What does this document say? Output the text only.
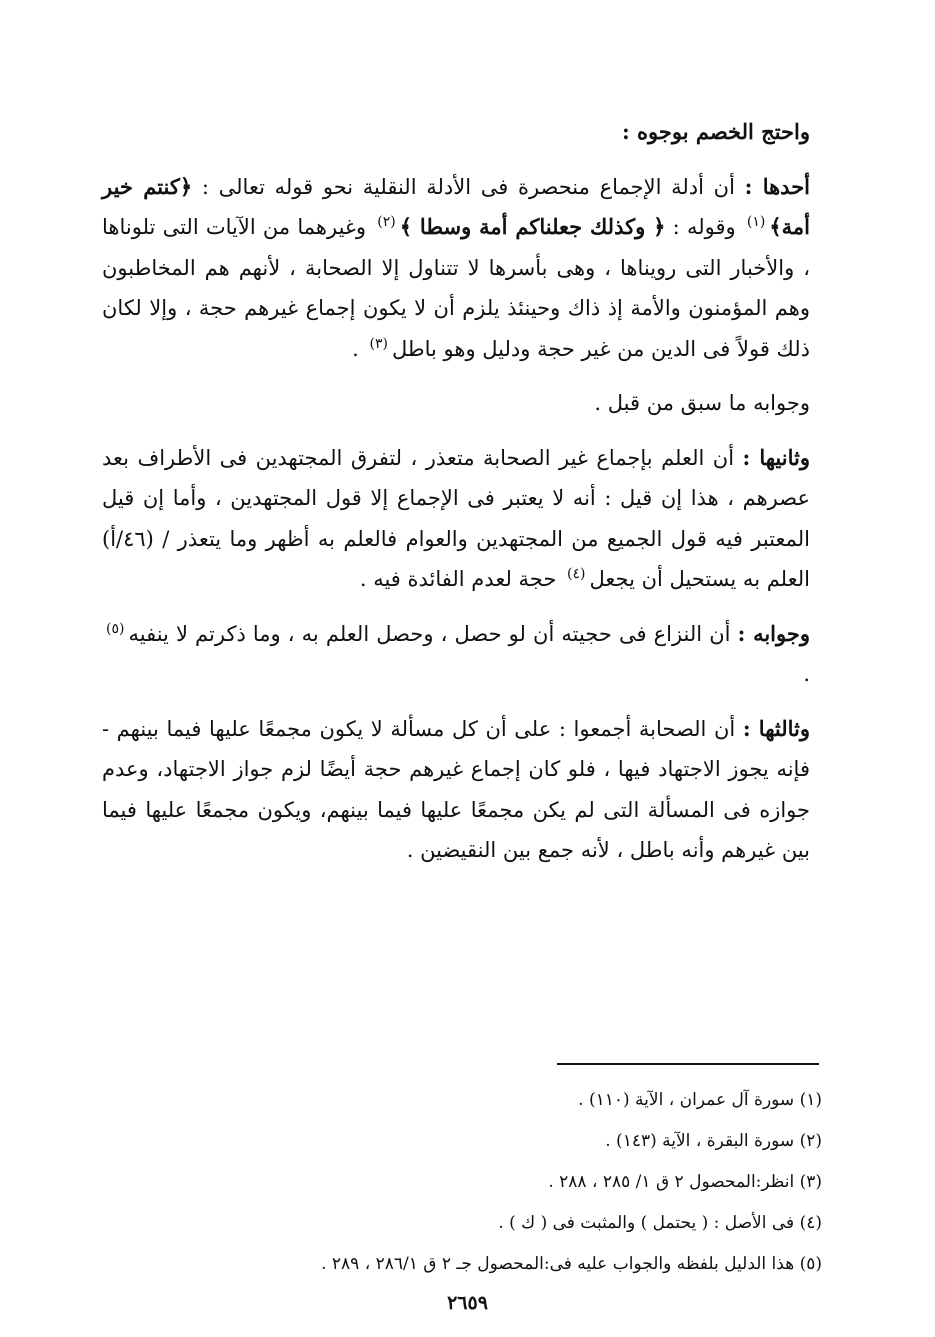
واحتج الخصم بوجوه :

أحدها : أن أدلة الإجماع منحصرة فى الأدلة النقلية نحو قوله تعالى : ﴿كنتم خير أمة﴾$^{(١)}$ وقوله : ﴿ وكذلك جعلناكم أمة وسطا ﴾$^{(٢)}$ وغيرهما من الآيات التى تلوناها ، والأخبار التى رويناها ، وهى بأسرها لا تتناول إلا الصحابة ، لأنهم هم المخاطبون وهم المؤمنون والأمة إذ ذاك وحينئذ يلزم أن لا يكون إجماع غيرهم حجة ، وإلا لكان ذلك قولاً فى الدين من غير حجة ودليل وهو باطل$^{(٣)}$ .

وجوابه ما سبق من قبل .

وثانيها : أن العلم بإجماع غير الصحابة متعذر ، لتفرق المجتهدين فى الأطراف بعد عصرهم ، هذا إن قيل : أنه لا يعتبر فى الإجماع إلا قول المجتهدين ، وأما إن قيل المعتبر فيه قول الجميع من المجتهدين والعوام فالعلم به أظهر وما يتعذر / (٤٦/أ) العلم به يستحيل أن يجعل$^{(٤)}$ حجة لعدم الفائدة فيه .

وجوابه : أن النزاع فى حجيته أن لو حصل ، وحصل العلم به ، وما ذكرتم لا ينفيه$^{(٥)}$ .

وثالثها : أن الصحابة أجمعوا : على أن كل مسألة لا يكون مجمعًا عليها فيما بينهم - فإنه يجوز الاجتهاد فيها ، فلو كان إجماع غيرهم حجة أيضًا لزم جواز الاجتهاد، وعدم جوازه فى المسألة التى لم يكن مجمعًا عليها فيما بينهم، ويكون مجمعًا عليها فيما بين غيرهم وأنه باطل ، لأنه جمع بين النقيضين .

(١) سورة آل عمران ، الآية (١١٠) .
(٢) سورة البقرة ، الآية (١٤٣) .
(٣) انظر:المحصول ٢ ق ١/ ٢٨٥ ، ٢٨٨ .
(٤) فى الأصل : ( يحتمل ) والمثبت فى ( ك ) .
(٥) هذا الدليل بلفظه والجواب عليه فى:المحصول جـ ٢ ق ٢٨٦/١ ، ٢٨٩ .
٢٦٥٩
